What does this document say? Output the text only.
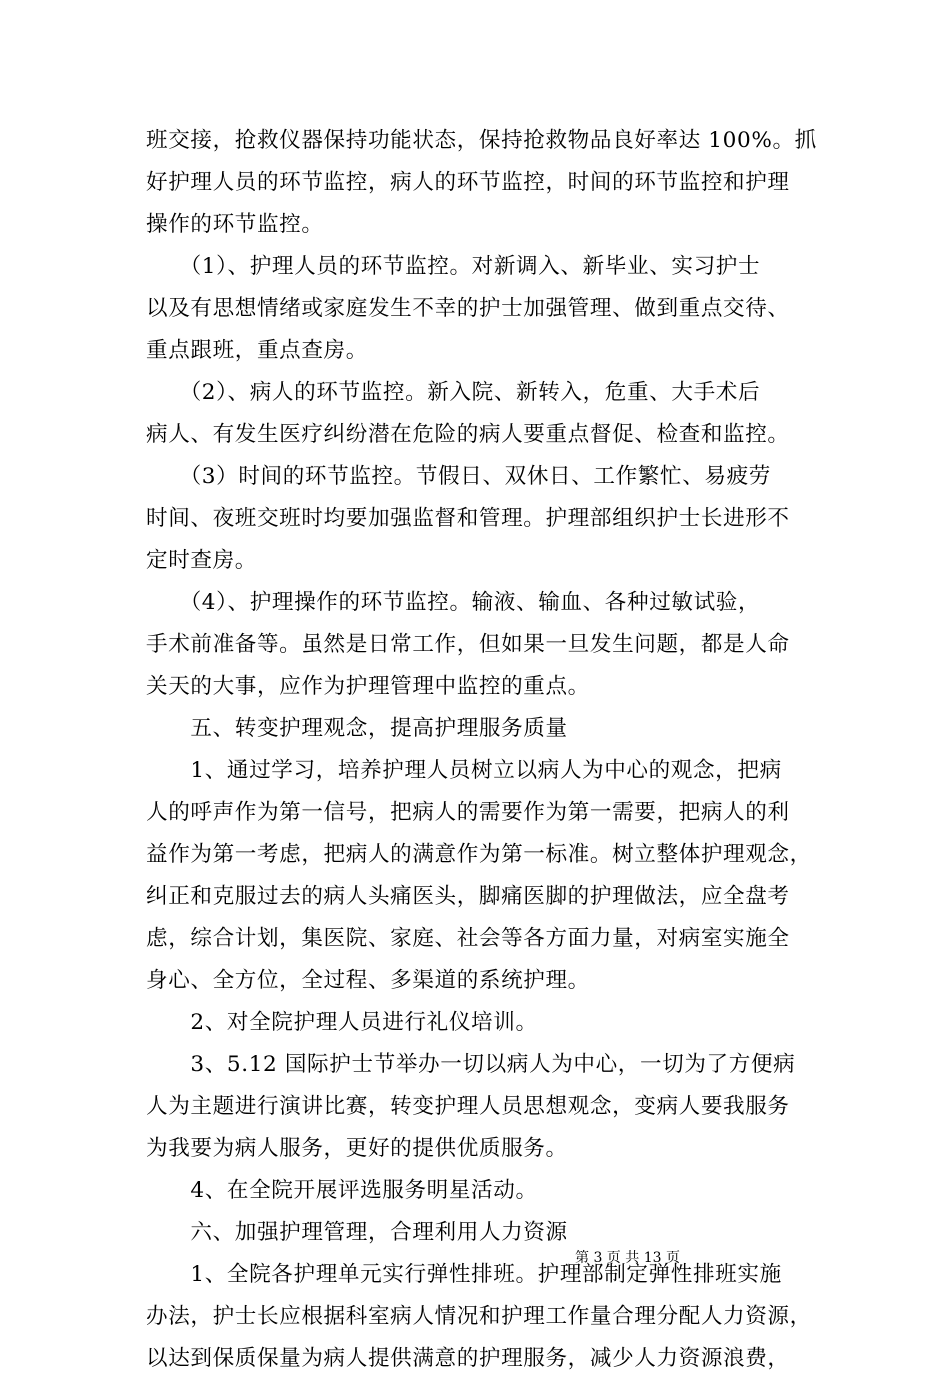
班交接，抢救仪器保持功能状态，保持抢救物品良好率达 100%。抓
好护理人员的环节监控，病人的环节监控，时间的环节监控和护理
操作的环节监控。
　　（1）、护理人员的环节监控。对新调入、新毕业、实习护士
以及有思想情绪或家庭发生不幸的护士加强管理、做到重点交待、
重点跟班，重点查房。
　　（2）、病人的环节监控。新入院、新转入，危重、大手术后
病人、有发生医疗纠纷潜在危险的病人要重点督促、检查和监控。
　　（3）时间的环节监控。节假日、双休日、工作繁忙、易疲劳
时间、夜班交班时均要加强监督和管理。护理部组织护士长进形不
定时查房。
　　（4）、护理操作的环节监控。输液、输血、各种过敏试验，
手术前准备等。虽然是日常工作，但如果一旦发生问题，都是人命
关天的大事，应作为护理管理中监控的重点。
　　五、转变护理观念，提高护理服务质量
　　1、通过学习，培养护理人员树立以病人为中心的观念，把病
人的呼声作为第一信号，把病人的需要作为第一需要，把病人的利
益作为第一考虑，把病人的满意作为第一标准。树立整体护理观念，
纠正和克服过去的病人头痛医头，脚痛医脚的护理做法，应全盘考
虑，综合计划，集医院、家庭、社会等各方面力量，对病室实施全
身心、全方位，全过程、多渠道的系统护理。
　　2、对全院护理人员进行礼仪培训。
　　3、5.12 国际护士节举办一切以病人为中心，一切为了方便病
人为主题进行演讲比赛，转变护理人员思想观念，变病人要我服务
为我要为病人服务，更好的提供优质服务。
　　4、在全院开展评选服务明星活动。
　　六、加强护理管理，合理利用人力资源
　　1、全院各护理单元实行弹性排班。护理部制定弹性排班实施
办法，护士长应根据科室病人情况和护理工作量合理分配人力资源，
以达到保质保量为病人提供满意的护理服务，减少人力资源浪费，
第 3 页 共 13 页
